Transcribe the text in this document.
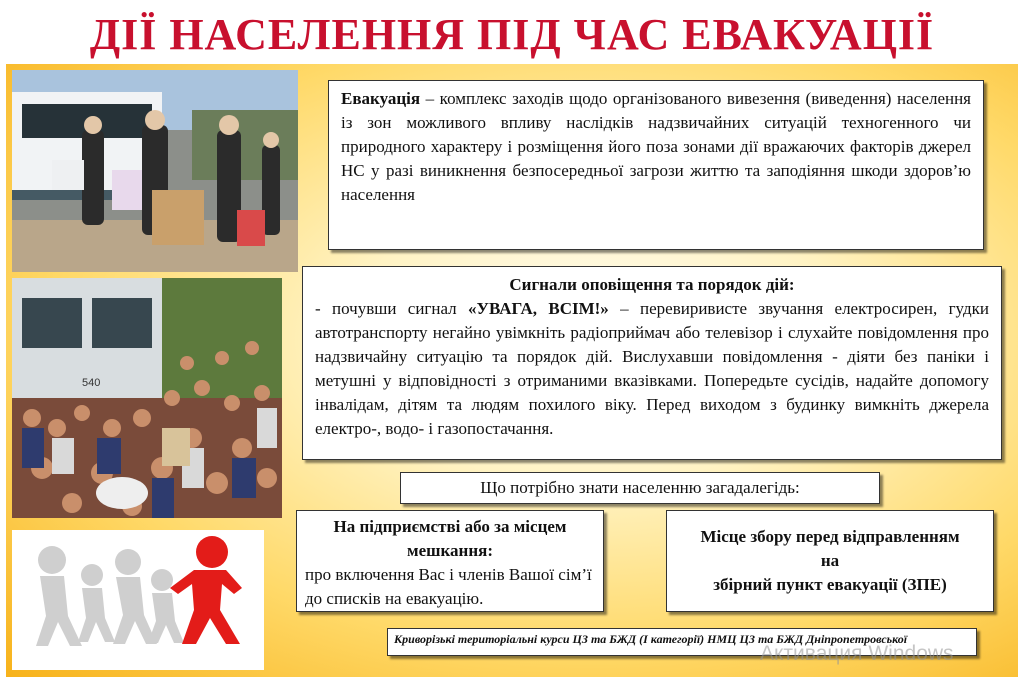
ДІЇ НАСЕЛЕННЯ ПІД ЧАС ЕВАКУАЦІЇ
540
Евакуація – комплекс заходів щодо організованого вивезення (виведення) населення із зон можливого впливу наслідків надзвичайних ситуацій техногенного чи природного характеру і розміщення його поза зонами дії вражаючих факторів джерел НС у разі виникнення безпосередньої загрози життю та заподіяння шкоди здоров’ю населення
Сигнали оповіщення та порядок дій:
- почувши сигнал «УВАГА, ВСІМ!» – перевиривисте звучання електросирен, гудки автотранспорту негайно увімкніть радіоприймач або телевізор і слухайте повідомлення про надзвичайну ситуацію та порядок дій. Вислухавши повідомлення - діяти без паніки і метушні у відповідності з отриманими вказівками. Попередьте сусідів, надайте допомогу інвалідам, дітям та людям похилого віку. Перед виходом з будинку вимкніть джерела електро-, водо- і газопостачання.
Що потрібно знати населенню загадалегідь:
На підприємстві або за місцем мешкання:
про включення Вас і членів Вашої сім’ї до списків на евакуацію.
Місце збору перед відправленням
на
збірний пункт евакуації (ЗПЕ)
Криворізькі територіальні курси ЦЗ та БЖД (І категорії) НМЦ ЦЗ та БЖД Дніпропетровської
Активация Windows
